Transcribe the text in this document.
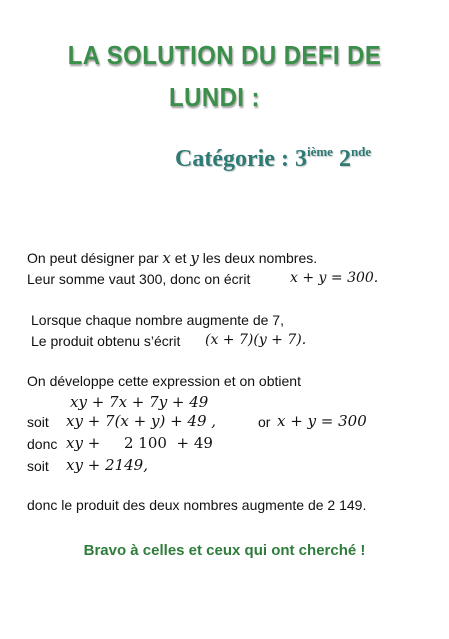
LA SOLUTION DU DEFI DE
LUNDI :
Catégorie : 3ième 2nde
On peut désigner par x et y les deux nombres.
Leur somme vaut 300, donc on écrit	x + y = 300.
Lorsque chaque nombre augmente de 7,
Le produit obtenu s’écrit (x + 7)(y + 7).
On développe cette expression et on obtient
xy + 7x + 7y + 49
soit xy + 7(x + y) + 49 ,	or x + y = 300
donc xy + 2 100  + 49
soit xy + 2149,
donc le produit des deux nombres augmente de 2 149.
Bravo à celles et ceux qui ont cherché !
